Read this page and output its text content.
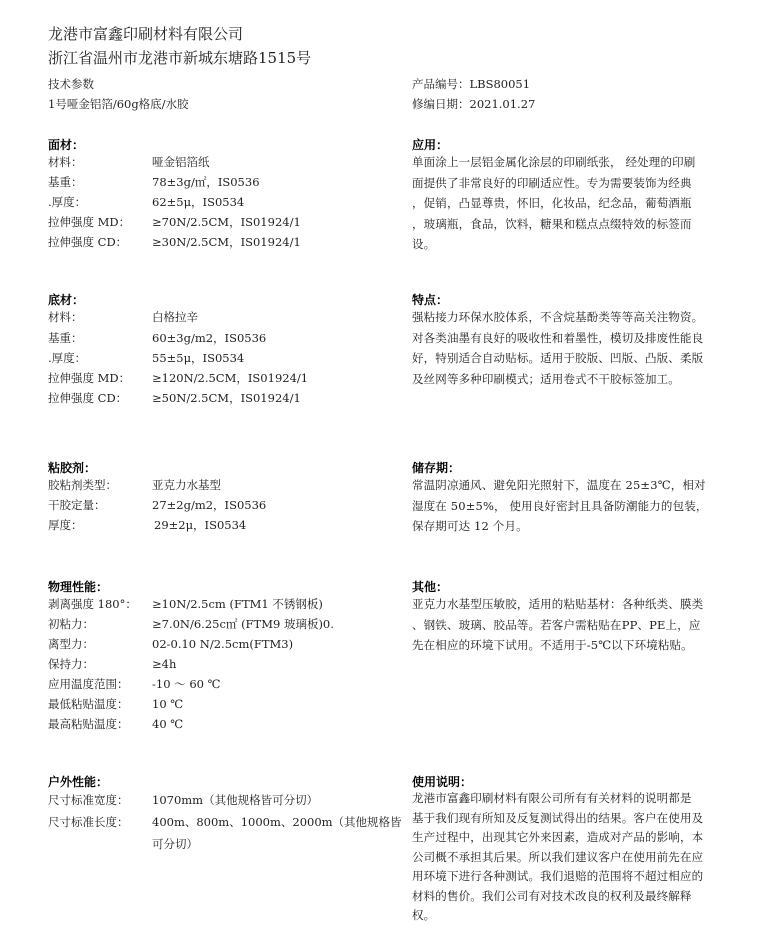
龙港市富鑫印刷材料有限公司
浙江省温州市龙港市新城东塘路1515号
技术参数
1号哑金铝箔/60g格底/水胶
产品编号：LBS80051
修编日期：2021.01.27
面材：
材料：	哑金铝箔纸
基重：	78±3g/㎡，IS0536
.厚度：	62±5μ，IS0534
拉伸强度 MD： ≥70N/2.5CM，IS01924/1
拉伸强度 CD： ≥30N/2.5CM，IS01924/1
底材：
材料：	白格拉辛
基重：	60±3g/m2，IS0536
.厚度：	55±5μ，IS0534
拉伸强度 MD： ≥120N/2.5CM，IS01924/1
拉伸强度 CD： ≥50N/2.5CM，IS01924/1
粘胶剂：
胶粘剂类型：	亚克力水基型
干胶定量：	27±2g/m2，IS0536
厚度：	29±2μ，IS0534
物理性能：
剥离强度 180°： ≥10N/2.5cm (FTM1 不锈钢板)
初粘力：	≥7.0N/6.25c㎡ (FTM9 玻璃板)0.
离型力：	02-0.10 N/2.5cm(FTM3)
保持力：	≥4h
应用温度范围： -10 ～ 60 ℃
最低粘贴温度： 10 ℃
最高粘贴温度： 40 ℃
户外性能：
尺寸标准宽度： 1070mm（其他规格皆可分切）
尺寸标准长度： 400m、800m、1000m、2000m（其他规格皆
可分切）
应用：
单面涂上一层铝金属化涂层的印刷纸张， 经处理的印刷
面提供了非常良好的印刷适应性。专为需要装饰为经典
，促销，凸显尊贵，怀旧，化妆品，纪念品，葡萄酒瓶
，玻璃瓶，食品，饮料，糖果和糕点点缀特效的标签而
设。
特点：
强粘接力环保水胶体系，不含烷基酚类等等高关注物资。
对各类油墨有良好的吸收性和着墨性，模切及排废性能良
好，特别适合自动贴标。适用于胶版、凹版、凸版、柔版
及丝网等多种印刷模式；适用卷式不干胶标签加工。
储存期：
常温阴凉通风、避免阳光照射下，温度在 25±3℃，相对
湿度在 50±5%， 使用良好密封且具备防潮能力的包装，
保存期可达 12 个月。
其他：
亚克力水基型压敏胶，适用的粘贴基材：各种纸类、膜类
、钢铁、玻璃、胶品等。若客户需粘贴在PP、PE上，应
先在相应的环境下试用。不适用于-5℃以下环境粘贴。
使用说明：
龙港市富鑫印刷材料有限公司所有有关材料的说明都是
基于我们现有所知及反复测试得出的结果。客户在使用及
生产过程中，出现其它外来因素，造成对产品的影响，本
公司概不承担其后果。所以我们建议客户在使用前先在应
用环境下进行各种测试。我们退赔的范围将不超过相应的
材料的售价。我们公司有对技术改良的权利及最终解释
权。
